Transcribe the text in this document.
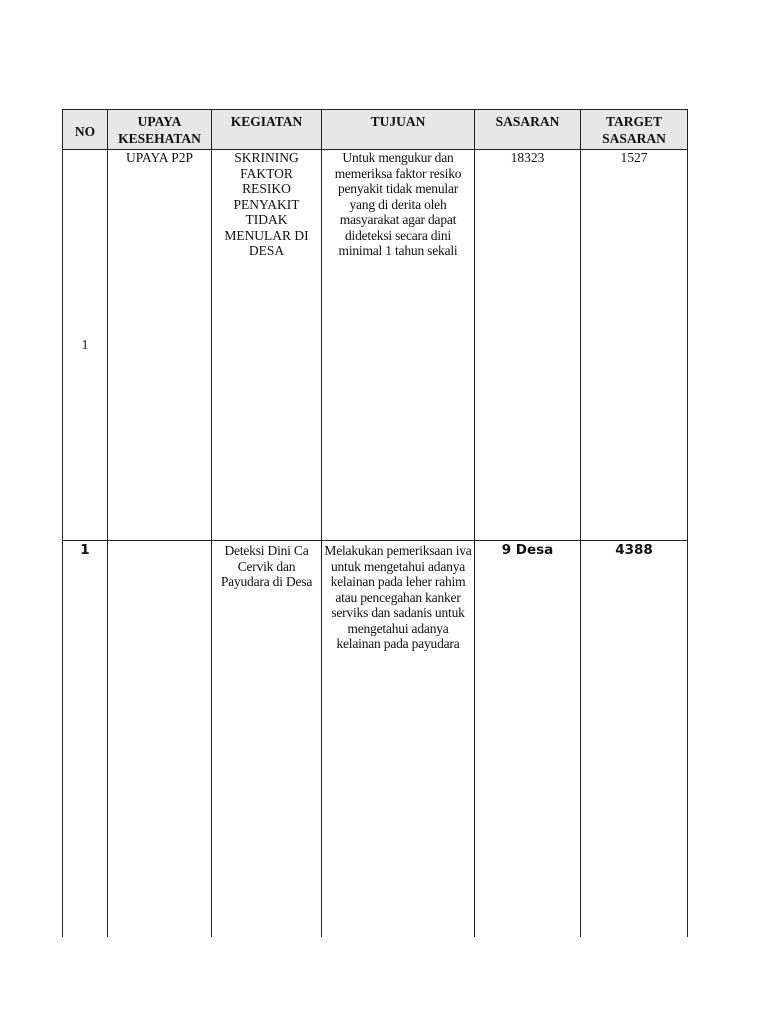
NO	UPAYA KESEHATAN	KEGIATAN	TUJUAN	SASARAN	TARGET SASARAN
1	UPAYA P2P	SKRINING FAKTOR RESIKO PENYAKIT TIDAK MENULAR DI DESA	Untuk mengukur dan memeriksa faktor resiko penyakit tidak menular yang di derita oleh masyarakat agar dapat dideteksi secara dini minimal 1 tahun sekali	18323	1527
1		Deteksi Dini Ca Cervik dan Payudara di Desa	Melakukan pemeriksaan iva untuk mengetahui adanya kelainan pada leher rahim atau pencegahan kanker serviks dan sadanis untuk mengetahui adanya kelainan pada payudara	9 Desa	4388
